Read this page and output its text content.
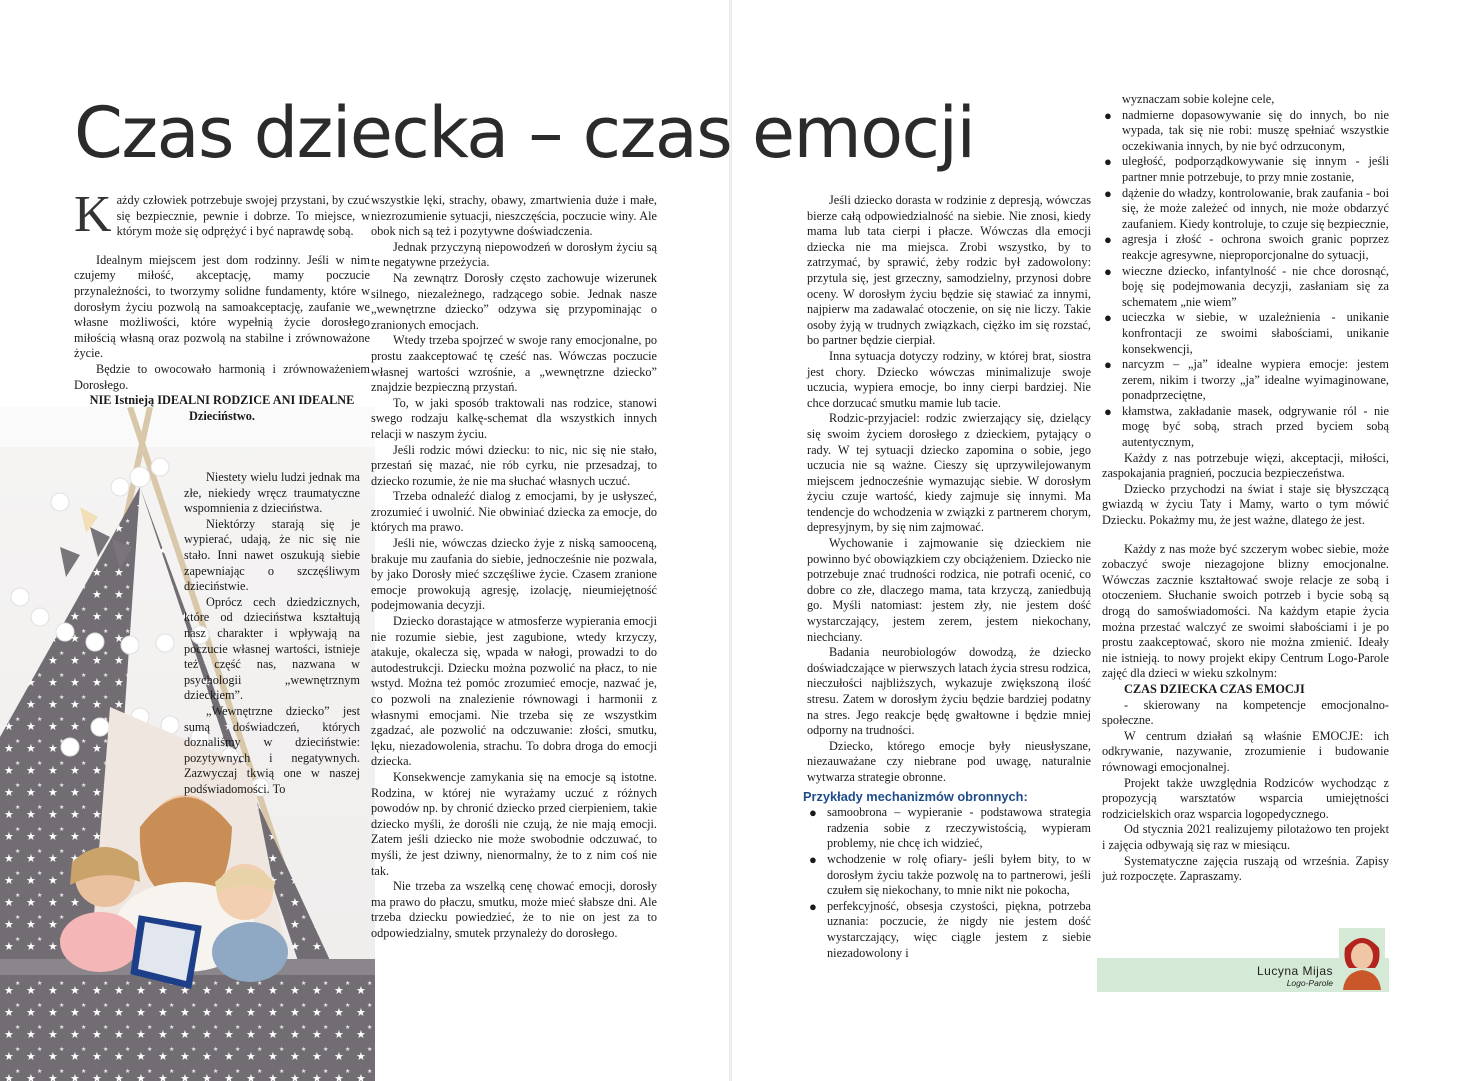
Czas dziecka – czas emocji

Każdy człowiek potrzebuje swojej przystani, by czuć się bezpiecznie, pewnie i dobrze. To miejsce, w którym może się odprężyć i być naprawdę sobą.

Idealnym miejscem jest dom rodzinny. Jeśli w nim czujemy miłość, akceptację, mamy poczucie przynależności, to tworzymy solidne fundamenty, które w dorosłym życiu pozwolą na samoakceptację, zaufanie we własne możliwości, które wypełnią życie dorosłego miłością własną oraz pozwolą na stabilne i zrównoważone życie.

Będzie to owocowało harmonią i zrównoważeniem Dorosłego.

NIE Istnieją IDEALNI RODZICE ANI IDEALNE Dzieciństwo.

Niestety wielu ludzi jednak ma złe, niekiedy wręcz traumatyczne wspomnienia z dzieciństwa.

Niektórzy starają się je wypierać, udają, że nic się nie stało. Inni nawet oszukują siebie zapewniając o szczęśliwym dzieciństwie.

Oprócz cech dziedzicznych, które od dzieciństwa kształtują nasz charakter i wpływają na poczucie własnej wartości, istnieje też część nas, nazwana w psychologii „wewnętrznym dzieckiem”.

„Wewnętrzne dziecko” jest sumą doświadczeń, których doznaliśmy w dzieciństwie: pozytywnych i negatywnych. Zazwyczaj tkwią one w naszej podświadomości. To

wszystkie lęki, strachy, obawy, zmartwienia duże i małe, niezrozumienie sytuacji, nieszczęścia, poczucie winy. Ale obok nich są też i pozytywne doświadczenia.

Jednak przyczyną niepowodzeń w dorosłym życiu są te negatywne przeżycia.

Na zewnątrz Dorosły często zachowuje wizerunek silnego, niezależnego, radzącego sobie. Jednak nasze „wewnętrzne dziecko” odzywa się przypominając o zranionych emocjach.

Wtedy trzeba spojrzeć w swoje rany emocjonalne, po prostu zaakceptować tę cześć nas. Wówczas poczucie własnej wartości wzrośnie, a „wewnętrzne dziecko” znajdzie bezpieczną przystań.

To, w jaki sposób traktowali nas rodzice, stanowi swego rodzaju kalkę-schemat dla wszystkich innych relacji w naszym życiu.

Jeśli rodzic mówi dziecku: to nic, nic się nie stało, przestań się mazać, nie rób cyrku, nie przesadzaj, to dziecko rozumie, że nie ma słuchać własnych uczuć.

Trzeba odnaleźć dialog z emocjami, by je usłyszeć, zrozumieć i uwolnić. Nie obwiniać dziecka za emocje, do których ma prawo.

Jeśli nie, wówczas dziecko żyje z niską samooceną, brakuje mu zaufania do siebie, jednocześnie nie pozwala, by jako Dorosły mieć szczęśliwe życie. Czasem zranione emocje prowokują agresję, izolację, nieumiejętność podejmowania decyzji.

Dziecko dorastające w atmosferze wypierania emocji nie rozumie siebie, jest zagubione, wtedy krzyczy, atakuje, okalecza się, wpada w nałogi, prowadzi to do autodestrukcji. Dziecku można pozwolić na płacz, to nie wstyd. Można też pomóc zrozumieć emocje, nazwać je, co pozwoli na znalezienie równowagi i harmonii z własnymi emocjami. Nie trzeba się ze wszystkim zgadzać, ale pozwolić na odczuwanie: złości, smutku, lęku, niezadowolenia, strachu. To dobra droga do emocji dziecka.

Konsekwencje zamykania się na emocje są istotne. Rodzina, w której nie wyrażamy uczuć z różnych powodów np. by chronić dziecko przed cierpieniem, takie dziecko myśli, że dorośli nie czują, że nie mają emocji. Zatem jeśli dziecko nie może swobodnie odczuwać, to myśli, że jest dziwny, nienormalny, że to z nim coś nie tak.

Nie trzeba za wszelką cenę chować emocji, dorosły ma prawo do płaczu, smutku, może mieć słabsze dni. Ale trzeba dziecku powiedzieć, że to nie on jest za to odpowiedzialny, smutek przynależy do dorosłego.

Jeśli dziecko dorasta w rodzinie z depresją, wówczas bierze całą odpowiedzialność na siebie. Nie znosi, kiedy mama lub tata cierpi i płacze. Wówczas dla emocji dziecka nie ma miejsca. Zrobi wszystko, by to zatrzymać, by sprawić, żeby rodzic był zadowolony: przytula się, jest grzeczny, samodzielny, przynosi dobre oceny. W dorosłym życiu będzie się stawiać za innymi, najpierw ma zadawalać otoczenie, on się nie liczy. Takie osoby żyją w trudnych związkach, ciężko im się rozstać, bo partner będzie cierpiał.

Inna sytuacja dotyczy rodziny, w której brat, siostra jest chory. Dziecko wówczas minimalizuje swoje uczucia, wypiera emocje, bo inny cierpi bardziej. Nie chce dorzucać smutku mamie lub tacie.

Rodzic-przyjaciel: rodzic zwierzający się, dzielący się swoim życiem dorosłego z dzieckiem, pytający o rady. W tej sytuacji dziecko zapomina o sobie, jego uczucia nie są ważne. Cieszy się uprzywilejowanym miejscem jednocześnie wymazując siebie. W dorosłym życiu czuje wartość, kiedy zajmuje się innymi. Ma tendencje do wchodzenia w związki z partnerem chorym, depresyjnym, by się nim zajmować.

Wychowanie i zajmowanie się dzieckiem nie powinno być obowiązkiem czy obciążeniem. Dziecko nie potrzebuje znać trudności rodzica, nie potrafi ocenić, co dobre co złe, dlaczego mama, tata krzyczą, zaniedbują go. Myśli natomiast: jestem zły, nie jestem dość wystarczający, jestem zerem, jestem niekochany, niechciany.

Badania neurobiologów dowodzą, że dziecko doświadczające w pierwszych latach życia stresu rodzica, nieczułości najbliższych, wykazuje zwiększoną ilość stresu. Zatem w dorosłym życiu będzie bardziej podatny na stres. Jego reakcje będę gwałtowne i będzie mniej odporny na trudności.

Dziecko, którego emocje były nieusłyszane, niezauważane czy niebrane pod uwagę, naturalnie wytwarza strategie obronne.

Przykłady mechanizmów obronnych:

● samoobrona – wypieranie - podstawowa strategia radzenia sobie z rzeczywistością, wypieram problemy, nie chcę ich widzieć,
● wchodzenie w rolę ofiary- jeśli byłem bity, to w dorosłym życiu także pozwolę na to partnerowi, jeśli czułem się niekochany, to mnie nikt nie pokocha,
● perfekcyjność, obsesja czystości, piękna, potrzeba uznania: poczucie, że nigdy nie jestem dość wystarczający, więc ciągle jestem z siebie niezadowolony i

wyznaczam sobie kolejne cele,

● nadmierne dopasowywanie się do innych, bo nie wypada, tak się nie robi: muszę spełniać wszystkie oczekiwania innych, by nie być odrzuconym,
● uległość, podporządkowywanie się innym - jeśli partner mnie potrzebuje, to przy mnie zostanie,
● dążenie do władzy, kontrolowanie, brak zaufania - boi się, że może zależeć od innych, nie może obdarzyć zaufaniem. Kiedy kontroluje, to czuje się bezpiecznie,
● agresja i złość - ochrona swoich granic poprzez reakcje agresywne, nieproporcjonalne do sytuacji,
● wieczne dziecko, infantylność - nie chce dorosnąć, boję się podejmowania decyzji, zasłaniam się za schematem „nie wiem”
● ucieczka w siebie, w uzależnienia - unikanie konfrontacji ze swoimi słabościami, unikanie konsekwencji,
● narcyzm – „ja” idealne wypiera emocje: jestem zerem, nikim i tworzy „ja” idealne wyimaginowane, ponadprzeciętne,
● kłamstwa, zakładanie masek, odgrywanie ról - nie mogę być sobą, strach przed byciem sobą autentycznym,

Każdy z nas potrzebuje więzi, akceptacji, miłości, zaspokajania pragnień, poczucia bezpieczeństwa.

Dziecko przychodzi na świat i staje się błyszczącą gwiazdą w życiu Taty i Mamy, warto o tym mówić Dziecku. Pokażmy mu, że jest ważne, dlatego że jest.

Każdy z nas może być szczerym wobec siebie, może zobaczyć swoje niezagojone blizny emocjonalne. Wówczas zacznie kształtować swoje relacje ze sobą i otoczeniem. Słuchanie swoich potrzeb i bycie sobą są drogą do samoświadomości. Na każdym etapie życia można przestać walczyć ze swoimi słabościami i je po prostu zaakceptować, skoro nie można zmienić. Ideały nie istnieją. to nowy projekt ekipy Centrum Logo-Parole zajęć dla dzieci w wieku szkolnym:

CZAS DZIECKA CZAS EMOCJI

- skierowany na kompetencje emocjonalno-społeczne.

W centrum działań są właśnie EMOCJE: ich odkrywanie, nazywanie, zrozumienie i budowanie równowagi emocjonalnej.

Projekt także uwzględnia Rodziców wychodząc z propozycją warsztatów wsparcia umiejętności rodzicielskich oraz wsparcia logopedycznego.

Od stycznia 2021 realizujemy pilotażowo ten projekt i zajęcia odbywają się raz w miesiącu.

Systematyczne zajęcia ruszają od września. Zapisy już rozpoczęte. Zapraszamy.

Lucyna Mijas
Logo-Parole
